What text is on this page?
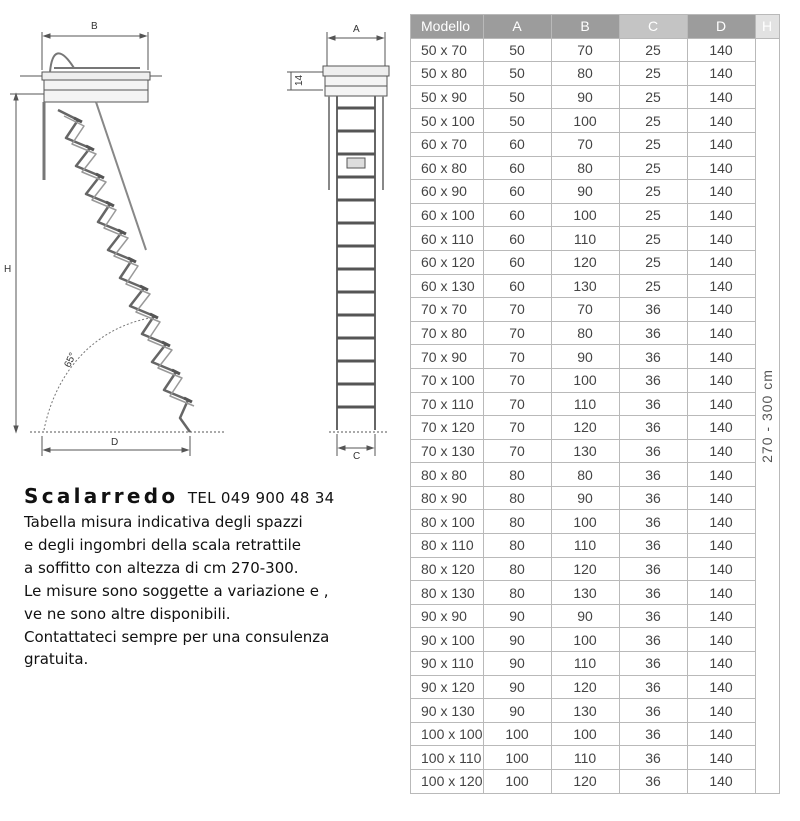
B
H
D
65°
A
14
C
Scalarredo TEL 049 900 48 34
Tabella misura indicativa degli spazzi
e degli ingombri della scala retrattile
a soffitto con altezza di cm 270-300.
Le misure sono soggette a variazione e ,
ve ne sono altre disponibili.
Contattateci sempre per una consulenza
gratuita.
Modello	A	B	C	D	H
50 x 70	50	70	25	140	270 - 300 cm

50 x 80	50	80	25	140	
50 x 90	50	90	25	140	
50 x 100	50	100	25	140	
60 x 70	60	70	25	140	
60 x 80	60	80	25	140	
60 x 90	60	90	25	140	
60 x 100	60	100	25	140	
60 x 110	60	110	25	140	
60 x 120	60	120	25	140	
60 x 130	60	130	25	140	
70 x 70	70	70	36	140	
70 x 80	70	80	36	140	
70 x 90	70	90	36	140	
70 x 100	70	100	36	140	
70 x 110	70	110	36	140	
70 x 120	70	120	36	140	
70 x 130	70	130	36	140	
80 x 80	80	80	36	140	
80 x 90	80	90	36	140	
80 x 100	80	100	36	140	
80 x 110	80	110	36	140	
80 x 120	80	120	36	140	
80 x 130	80	130	36	140	
90 x 90	90	90	36	140	
90 x 100	90	100	36	140	
90 x 110	90	110	36	140	
90 x 120	90	120	36	140	
90 x 130	90	130	36	140	
100 x 100	100	100	36	140	
100 x 110	100	110	36	140	
100 x 120	100	120	36	140	
